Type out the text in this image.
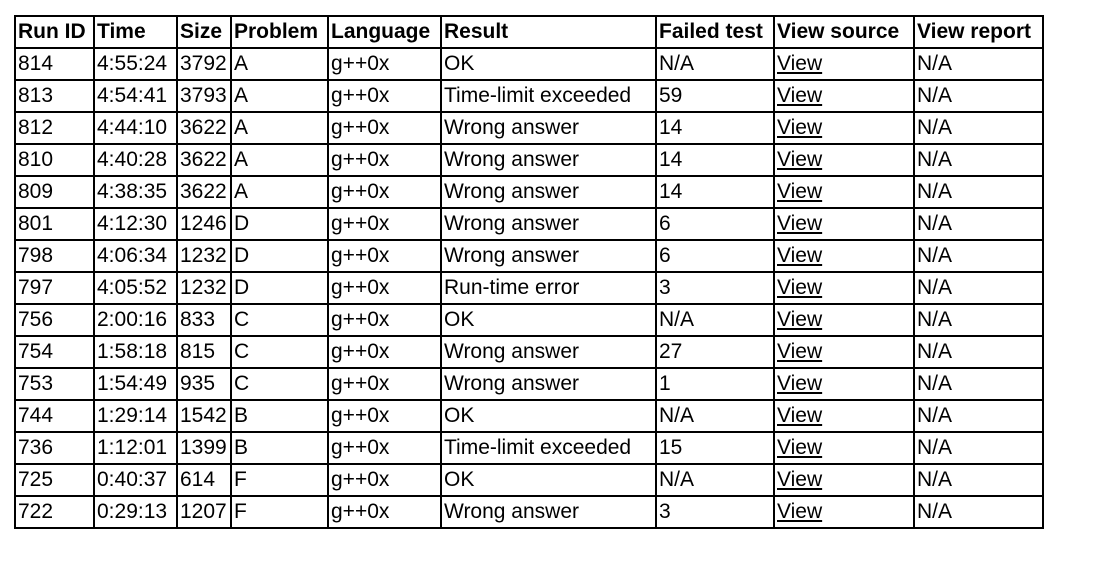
Run ID	Time	Size	Problem	Language	Result	Failed test	View source	View report
814	4:55:24	3792	A	g++0x	OK	N/A	View	N/A
813	4:54:41	3793	A	g++0x	Time-limit exceeded	59	View	N/A
812	4:44:10	3622	A	g++0x	Wrong answer	14	View	N/A
810	4:40:28	3622	A	g++0x	Wrong answer	14	View	N/A
809	4:38:35	3622	A	g++0x	Wrong answer	14	View	N/A
801	4:12:30	1246	D	g++0x	Wrong answer	6	View	N/A
798	4:06:34	1232	D	g++0x	Wrong answer	6	View	N/A
797	4:05:52	1232	D	g++0x	Run-time error	3	View	N/A
756	2:00:16	833	C	g++0x	OK	N/A	View	N/A
754	1:58:18	815	C	g++0x	Wrong answer	27	View	N/A
753	1:54:49	935	C	g++0x	Wrong answer	1	View	N/A
744	1:29:14	1542	B	g++0x	OK	N/A	View	N/A
736	1:12:01	1399	B	g++0x	Time-limit exceeded	15	View	N/A
725	0:40:37	614	F	g++0x	OK	N/A	View	N/A
722	0:29:13	1207	F	g++0x	Wrong answer	3	View	N/A
